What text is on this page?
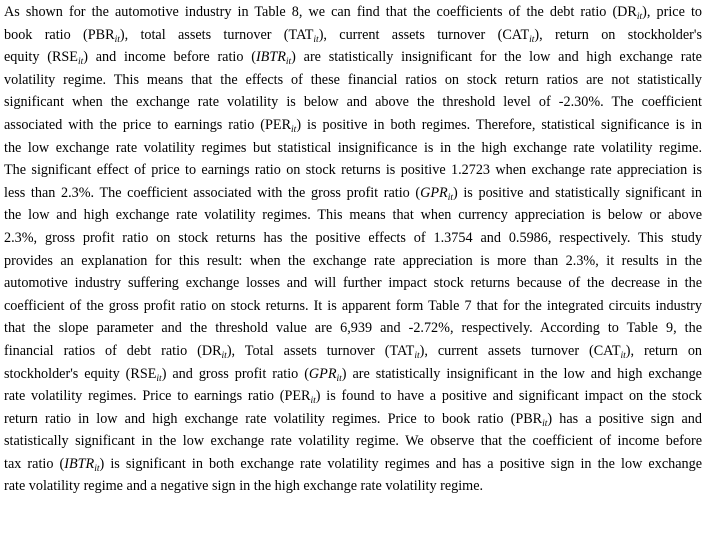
As shown for the automotive industry in Table 8, we can find that the coefficients of the debt ratio $(DR_{it})$, price to
book ratio $(PBR_{it})$, total assets turnover $(TAT_{it})$, current assets turnover $(CAT_{it})$, return on stockholder's
equity $(RSE_{it})$ and income before ratio $(IBTR_{it})$ are statistically insignificant for the low and high exchange rate
volatility regime. This means that the effects of these financial ratios on stock return ratios are not statistically
significant when the exchange rate volatility is below and above the threshold level of -2.30%. The coefficient
associated with the price to earnings ratio $(PER_{it})$ is positive in both regimes. Therefore, statistical significance is in
the low exchange rate volatility regimes but statistical insignificance is in the high exchange rate volatility regime.
The significant effect of price to earnings ratio on stock returns is positive 1.2723 when exchange rate appreciation is
less than 2.3%. The coefficient associated with the gross profit ratio $(GPR_{it})$ is positive and statistically significant in
the low and high exchange rate volatility regimes. This means that when currency appreciation is below or above
2.3%, gross profit ratio on stock returns has the positive effects of 1.3754 and 0.5986, respectively. This study
provides an explanation for this result: when the exchange rate appreciation is more than 2.3%, it results in the
automotive industry suffering exchange losses and will further impact stock returns because of the decrease in the
coefficient of the gross profit ratio on stock returns. It is apparent form Table 7 that for the integrated circuits industry
that the slope parameter and the threshold value are 6,939 and -2.72%, respectively. According to Table 9, the
financial ratios of debt ratio $(DR_{it})$, Total assets turnover $(TAT_{it})$, current assets turnover $(CAT_{it})$, return on
stockholder's equity $(RSE_{it})$ and gross profit ratio $(GPR_{it})$ are statistically insignificant in the low and high exchange
rate volatility regimes. Price to earnings ratio $(PER_{it})$ is found to have a positive and significant impact on the stock
return ratio in low and high exchange rate volatility regimes. Price to book ratio $(PBR_{it})$ has a positive sign and
statistically significant in the low exchange rate volatility regime. We observe that the coefficient of income before
tax ratio $(IBTR_{it})$ is significant in both exchange rate volatility regimes and has a positive sign in the low exchange
rate volatility regime and a negative sign in the high exchange rate volatility regime.
